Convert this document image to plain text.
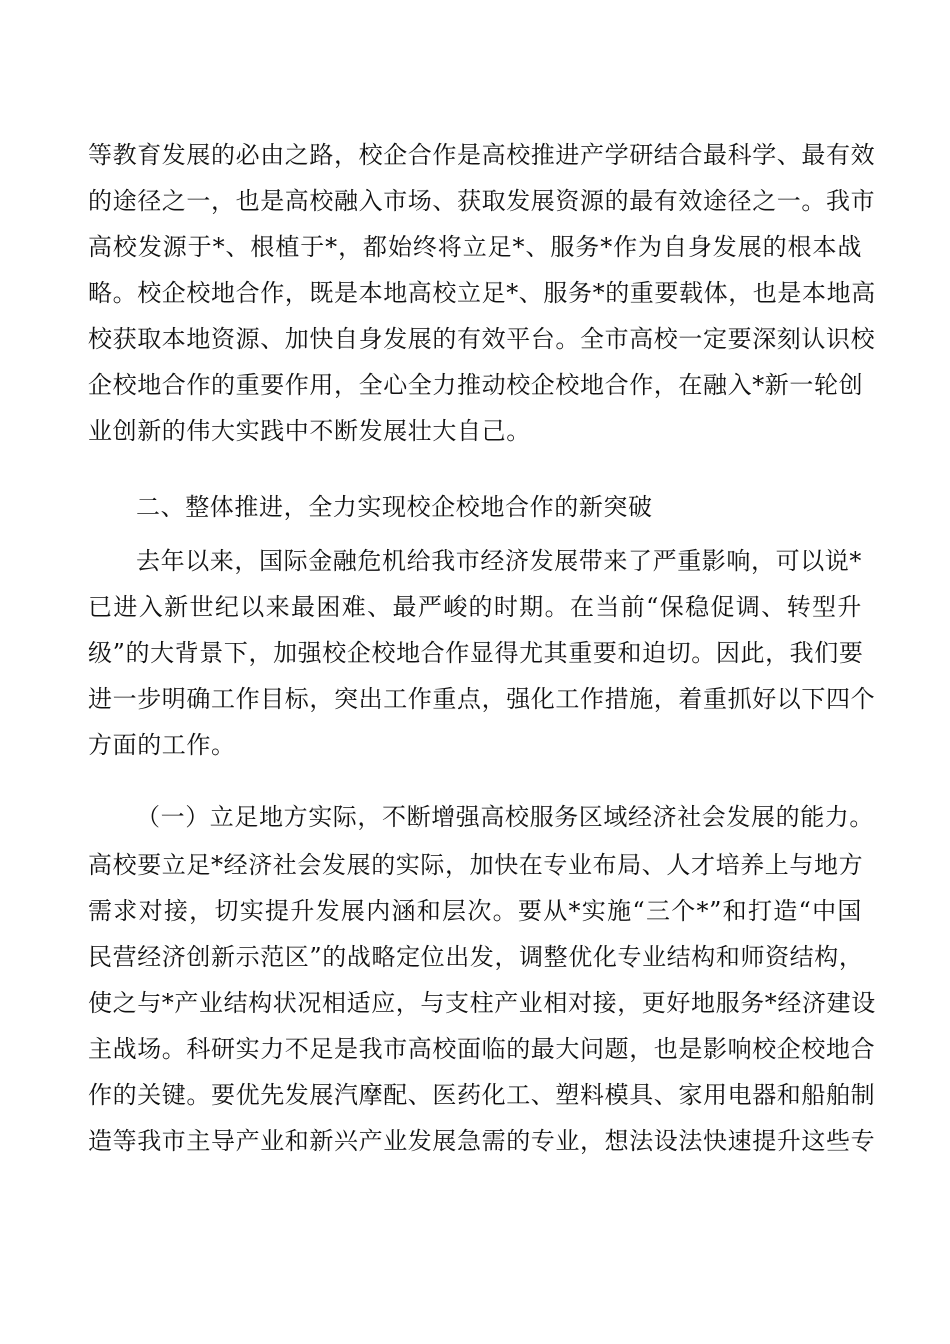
等教育发展的必由之路，校企合作是高校推进产学研结合最科学、最有效
的途径之一，也是高校融入市场、获取发展资源的最有效途径之一。我市
高校发源于*、根植于*，都始终将立足*、服务*作为自身发展的根本战
略。校企校地合作，既是本地高校立足*、服务*的重要载体，也是本地高
校获取本地资源、加快自身发展的有效平台。全市高校一定要深刻认识校
企校地合作的重要作用，全心全力推动校企校地合作，在融入*新一轮创
业创新的伟大实践中不断发展壮大自己。
二、整体推进，全力实现校企校地合作的新突破
去年以来，国际金融危机给我市经济发展带来了严重影响，可以说*
已进入新世纪以来最困难、最严峻的时期。在当前“保稳促调、转型升
级”的大背景下，加强校企校地合作显得尤其重要和迫切。因此，我们要
进一步明确工作目标，突出工作重点，强化工作措施，着重抓好以下四个
方面的工作。
（一）立足地方实际，不断增强高校服务区域经济社会发展的能力。
高校要立足*经济社会发展的实际，加快在专业布局、人才培养上与地方
需求对接，切实提升发展内涵和层次。要从*实施“三个*”和打造“中国
民营经济创新示范区”的战略定位出发，调整优化专业结构和师资结构，
使之与*产业结构状况相适应，与支柱产业相对接，更好地服务*经济建设
主战场。科研实力不足是我市高校面临的最大问题，也是影响校企校地合
作的关键。要优先发展汽摩配、医药化工、塑料模具、家用电器和船舶制
造等我市主导产业和新兴产业发展急需的专业，想法设法快速提升这些专
